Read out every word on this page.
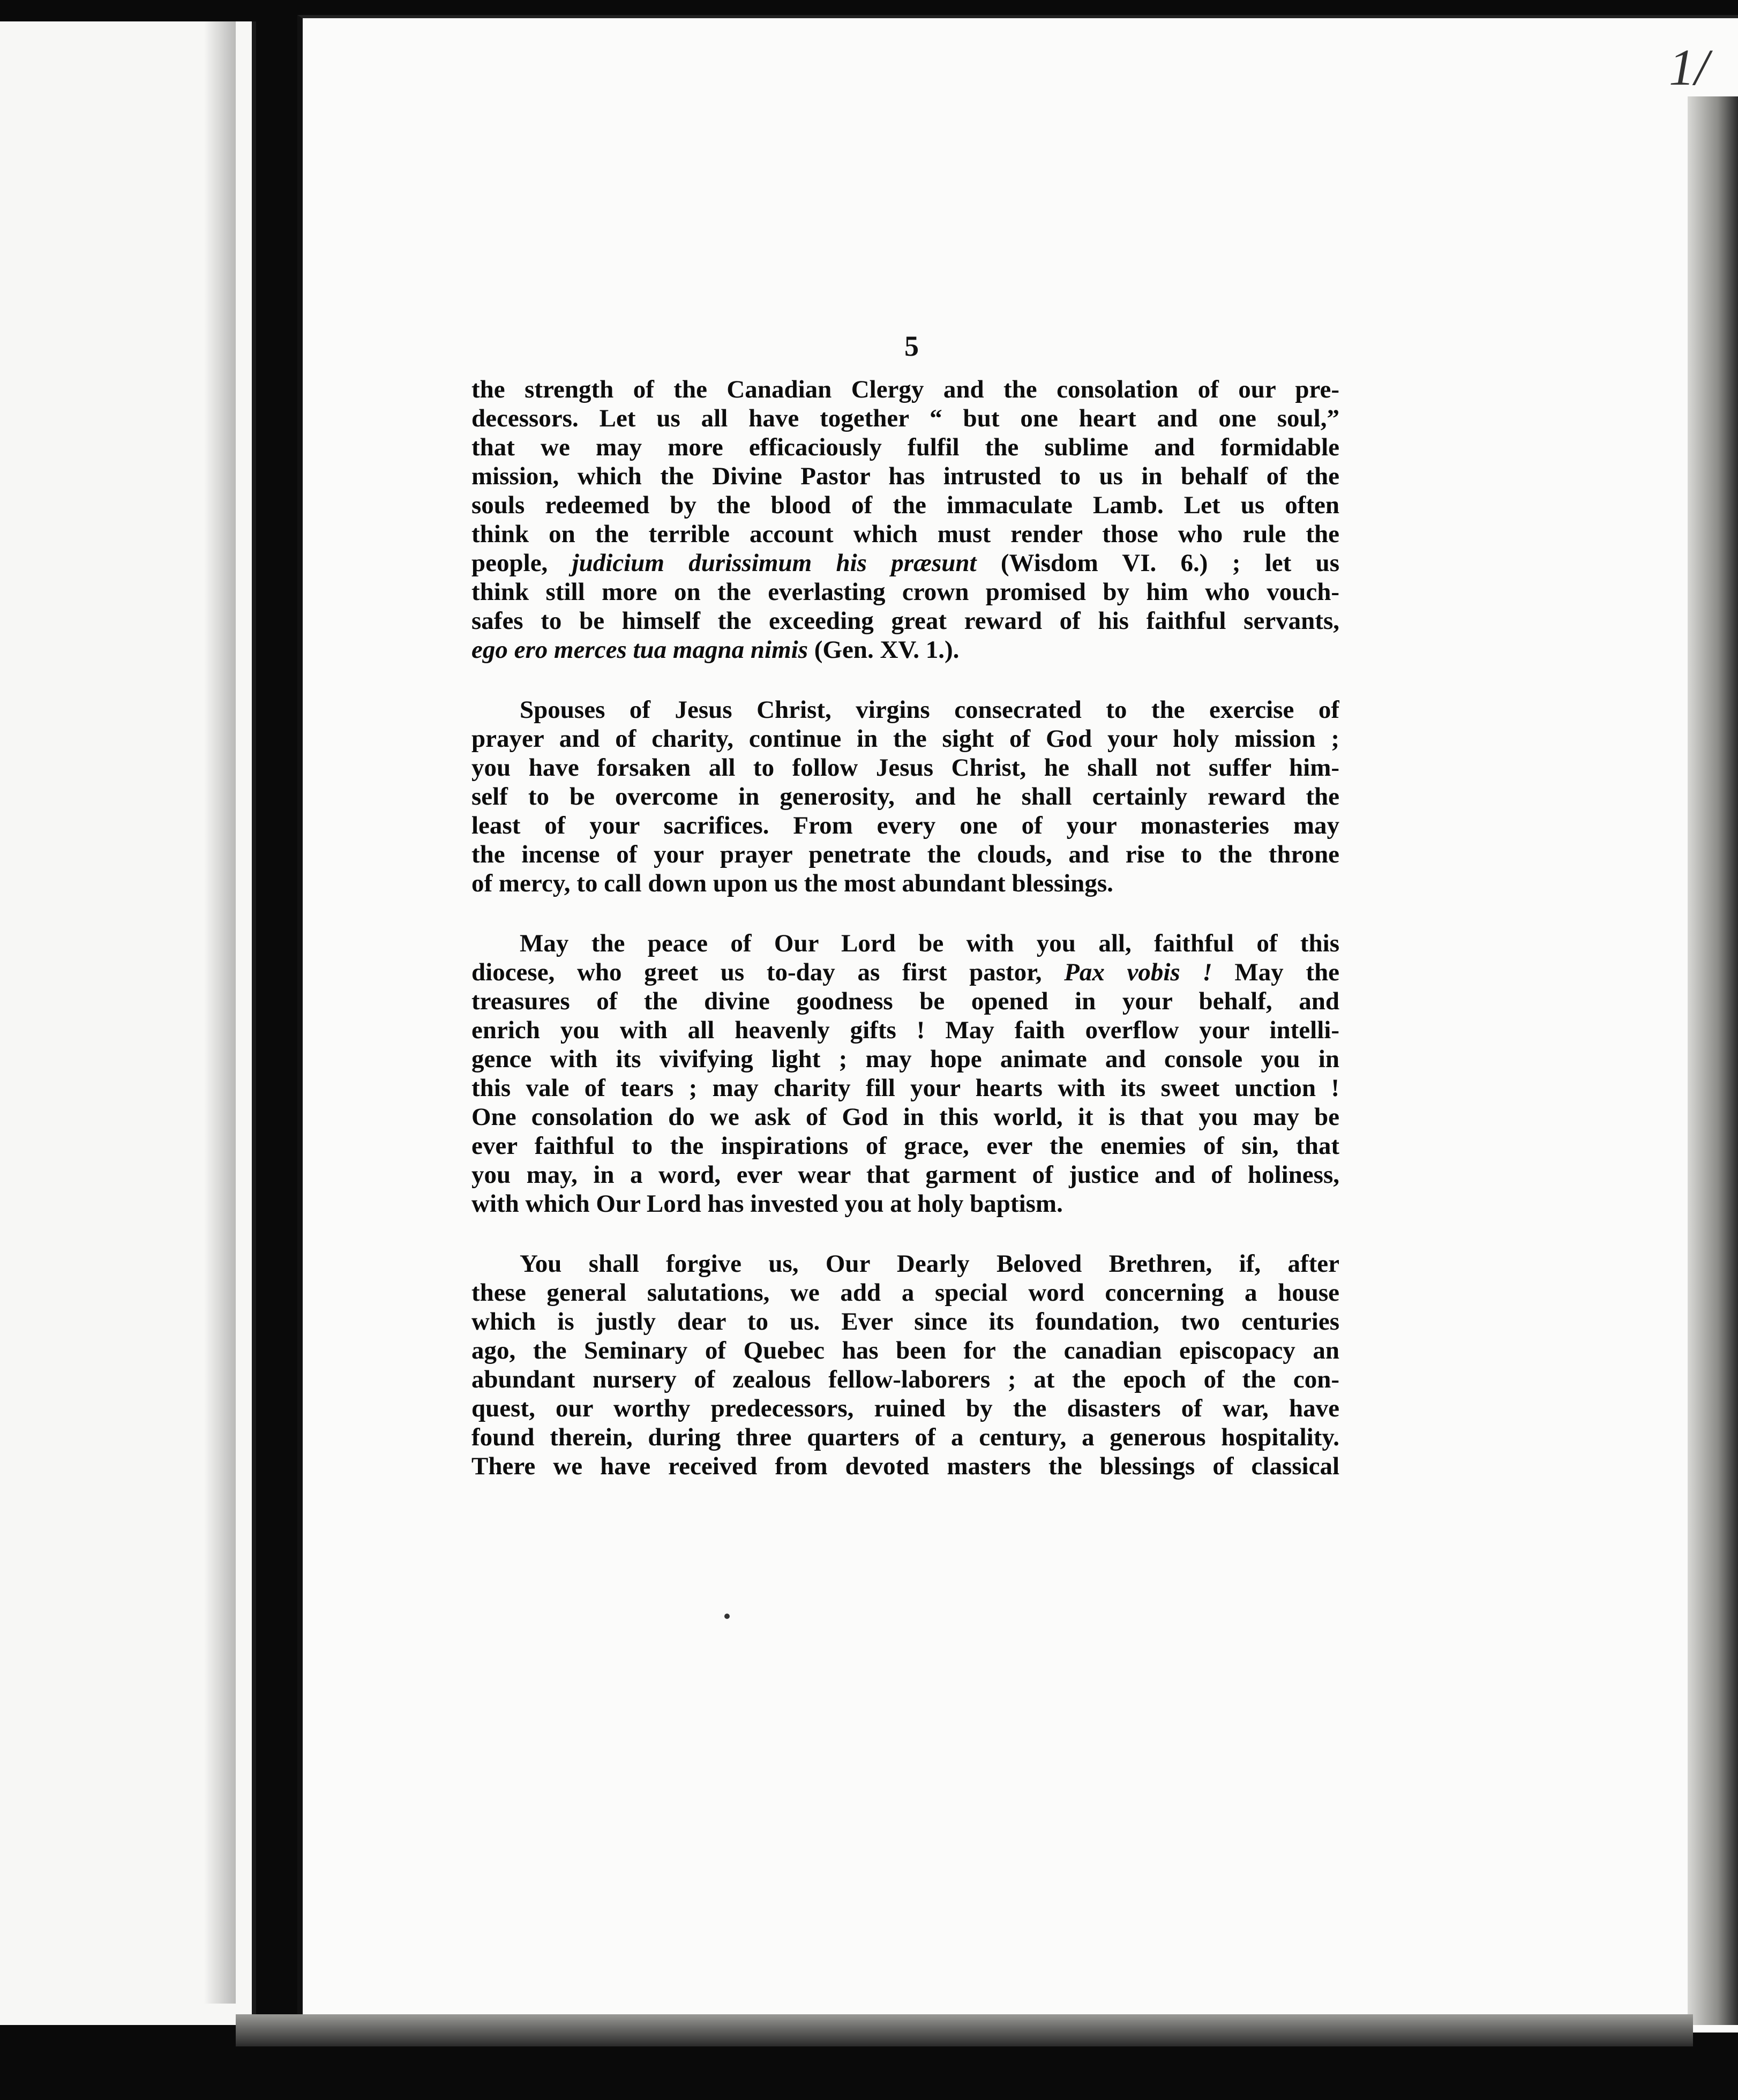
1/
5
the strength of the Canadian Clergy and the consolation of our pre-
decessors. Let us all have together “ but one heart and one soul,”
that we may more efficaciously fulfil the sublime and formidable
mission, which the Divine Pastor has intrusted to us in behalf of the
souls redeemed by the blood of the immaculate Lamb. Let us often
think on the terrible account which must render those who rule the
people, judicium durissimum his præsunt (Wisdom VI. 6.) ; let us
think still more on the everlasting crown promised by him who vouch-
safes to be himself the exceeding great reward of his faithful servants,
ego ero merces tua magna nimis (Gen. XV. 1.).
Spouses of Jesus Christ, virgins consecrated to the exercise of
prayer and of charity, continue in the sight of God your holy mission ;
you have forsaken all to follow Jesus Christ, he shall not suffer him-
self to be overcome in generosity, and he shall certainly reward the
least of your sacrifices. From every one of your monasteries may
the incense of your prayer penetrate the clouds, and rise to the throne
of mercy, to call down upon us the most abundant blessings.
May the peace of Our Lord be with you all, faithful of this
diocese, who greet us to-day as first pastor, Pax vobis ! May the
treasures of the divine goodness be opened in your behalf, and
enrich you with all heavenly gifts ! May faith overflow your intelli-
gence with its vivifying light ; may hope animate and console you in
this vale of tears ; may charity fill your hearts with its sweet unction !
One consolation do we ask of God in this world, it is that you may be
ever faithful to the inspirations of grace, ever the enemies of sin, that
you may, in a word, ever wear that garment of justice and of holiness,
with which Our Lord has invested you at holy baptism.
You shall forgive us, Our Dearly Beloved Brethren, if, after
these general salutations, we add a special word concerning a house
which is justly dear to us. Ever since its foundation, two centuries
ago, the Seminary of Quebec has been for the canadian episcopacy an
abundant nursery of zealous fellow-laborers ; at the epoch of the con-
quest, our worthy predecessors, ruined by the disasters of war, have
found therein, during three quarters of a century, a generous hospitality.
There we have received from devoted masters the blessings of classical
